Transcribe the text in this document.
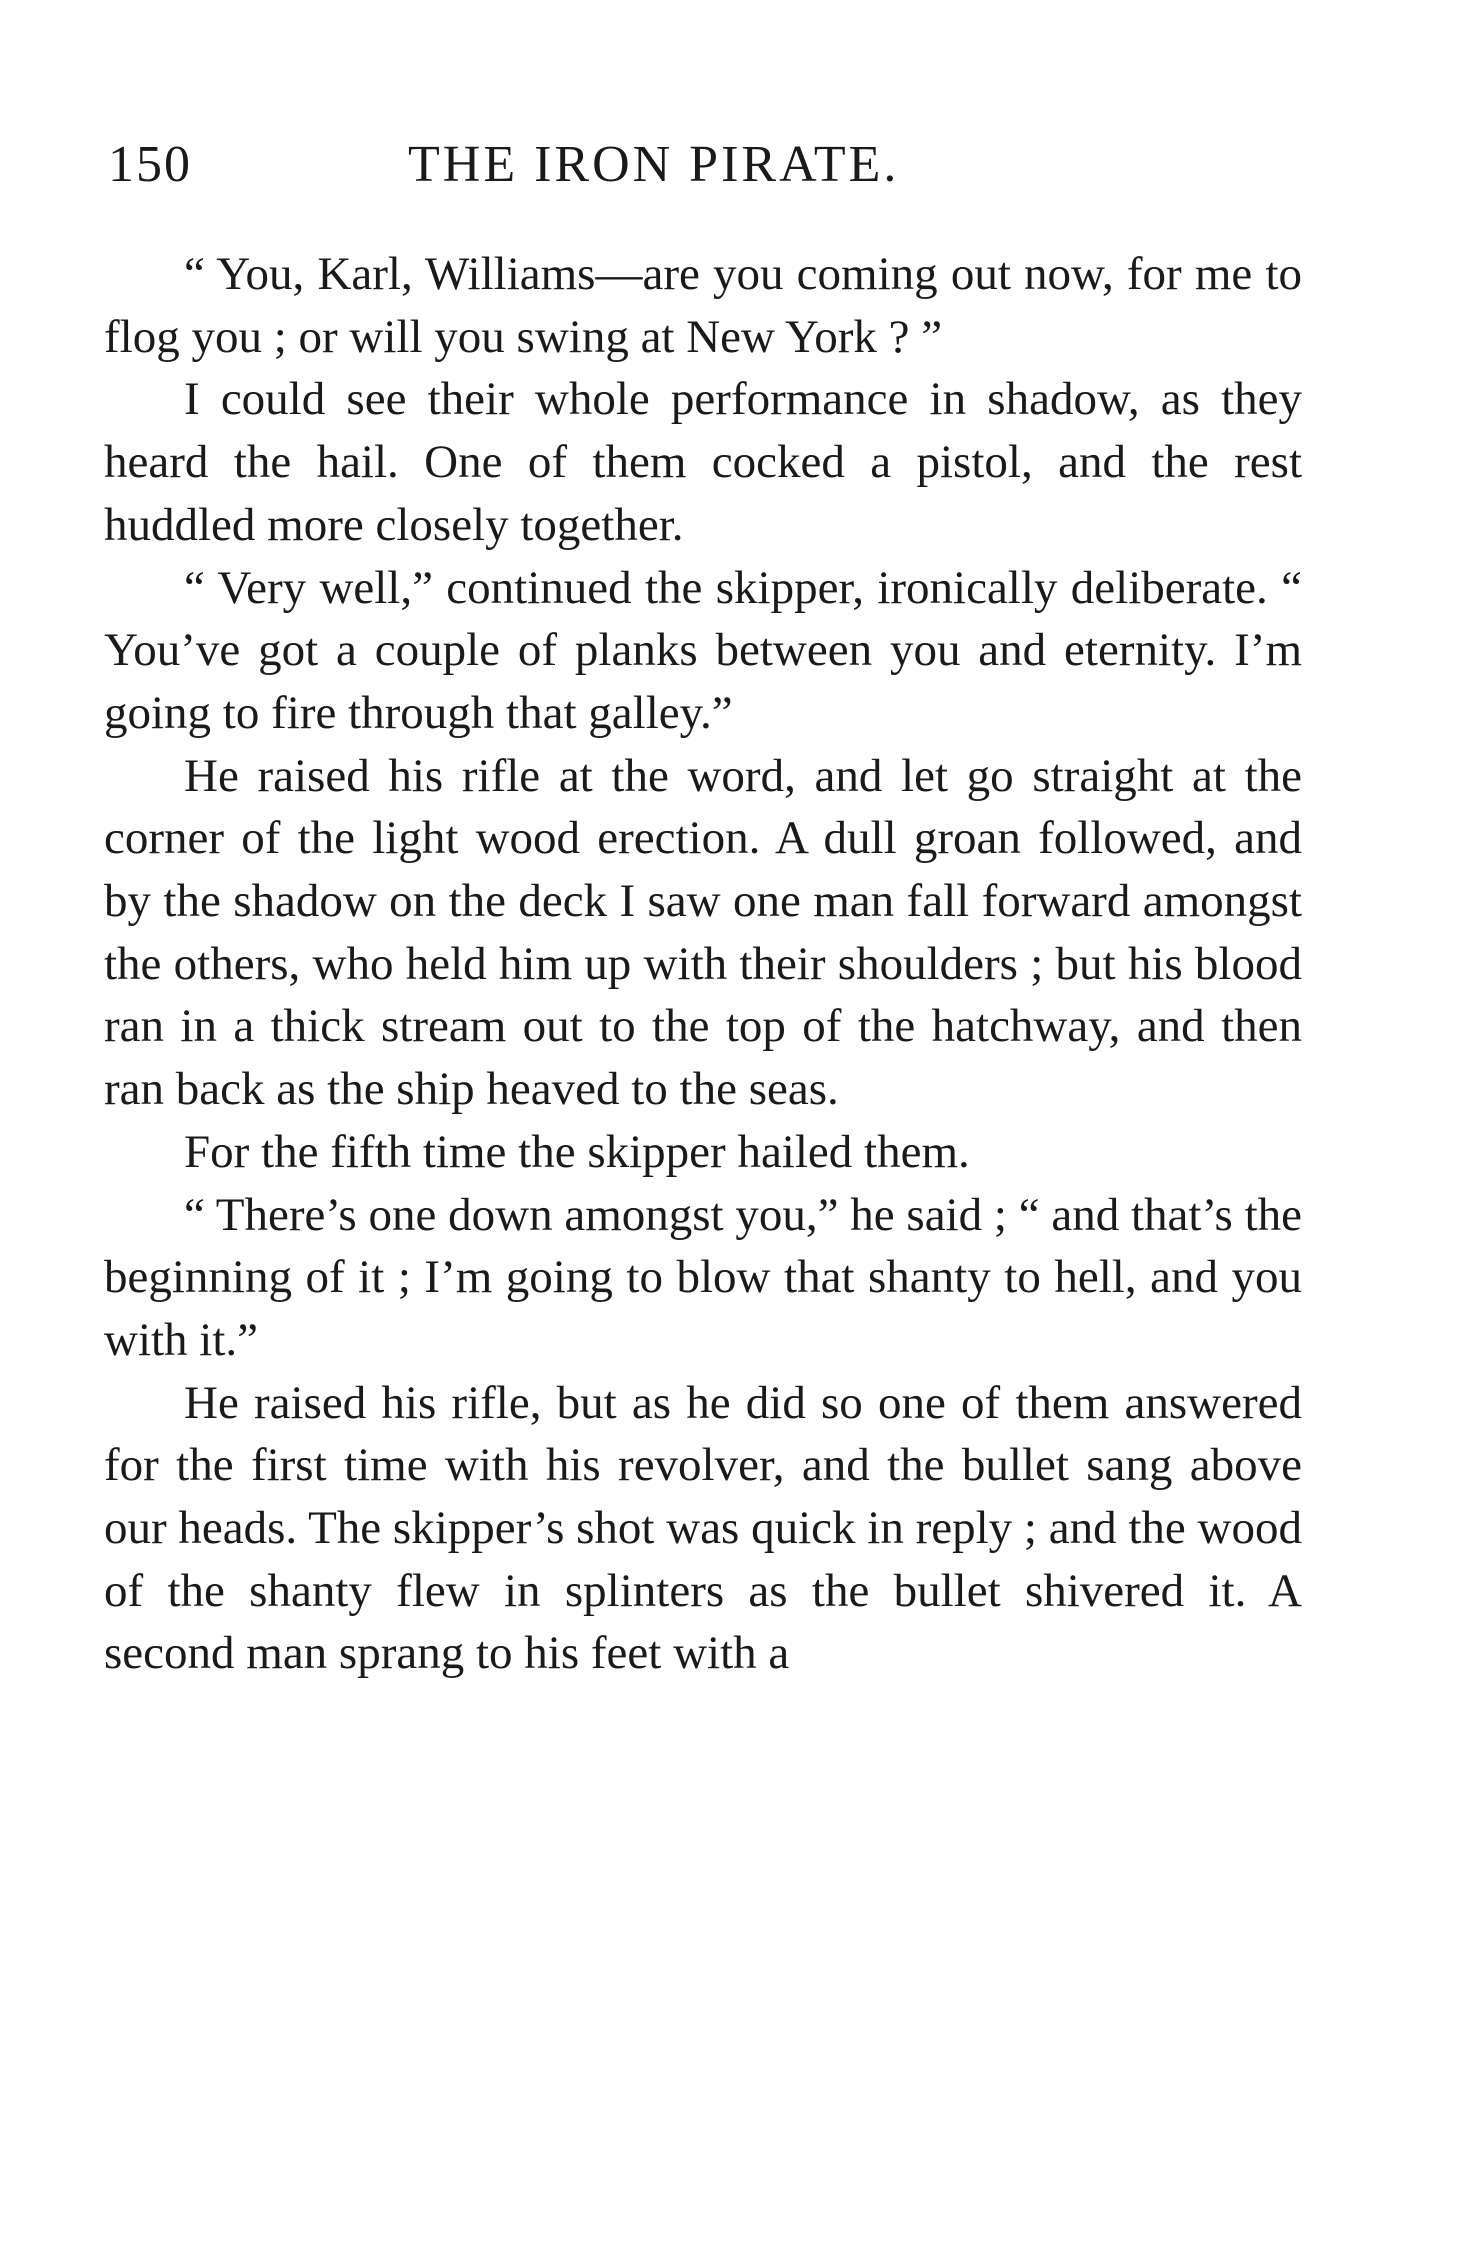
150	THE IRON PIRATE.

“ You, Karl, Williams—are you coming out now, for me to flog you ; or will you swing at New York ? ”

I could see their whole performance in shadow, as they heard the hail. One of them cocked a pistol, and the rest huddled more closely together.

“ Very well,” continued the skipper, ironically deliberate. “ You’ve got a couple of planks between you and eternity. I’m going to fire through that galley.”

He raised his rifle at the word, and let go straight at the corner of the light wood erection. A dull groan followed, and by the shadow on the deck I saw one man fall forward amongst the others, who held him up with their shoulders ; but his blood ran in a thick stream out to the top of the hatchway, and then ran back as the ship heaved to the seas.

For the fifth time the skipper hailed them.

“ There’s one down amongst you,” he said ; “ and that’s the beginning of it ; I’m going to blow that shanty to hell, and you with it.”

He raised his rifle, but as he did so one of them answered for the first time with his revolver, and the bullet sang above our heads. The skipper’s shot was quick in reply ; and the wood of the shanty flew in splinters as the bullet shivered it. A second man sprang to his feet with a
